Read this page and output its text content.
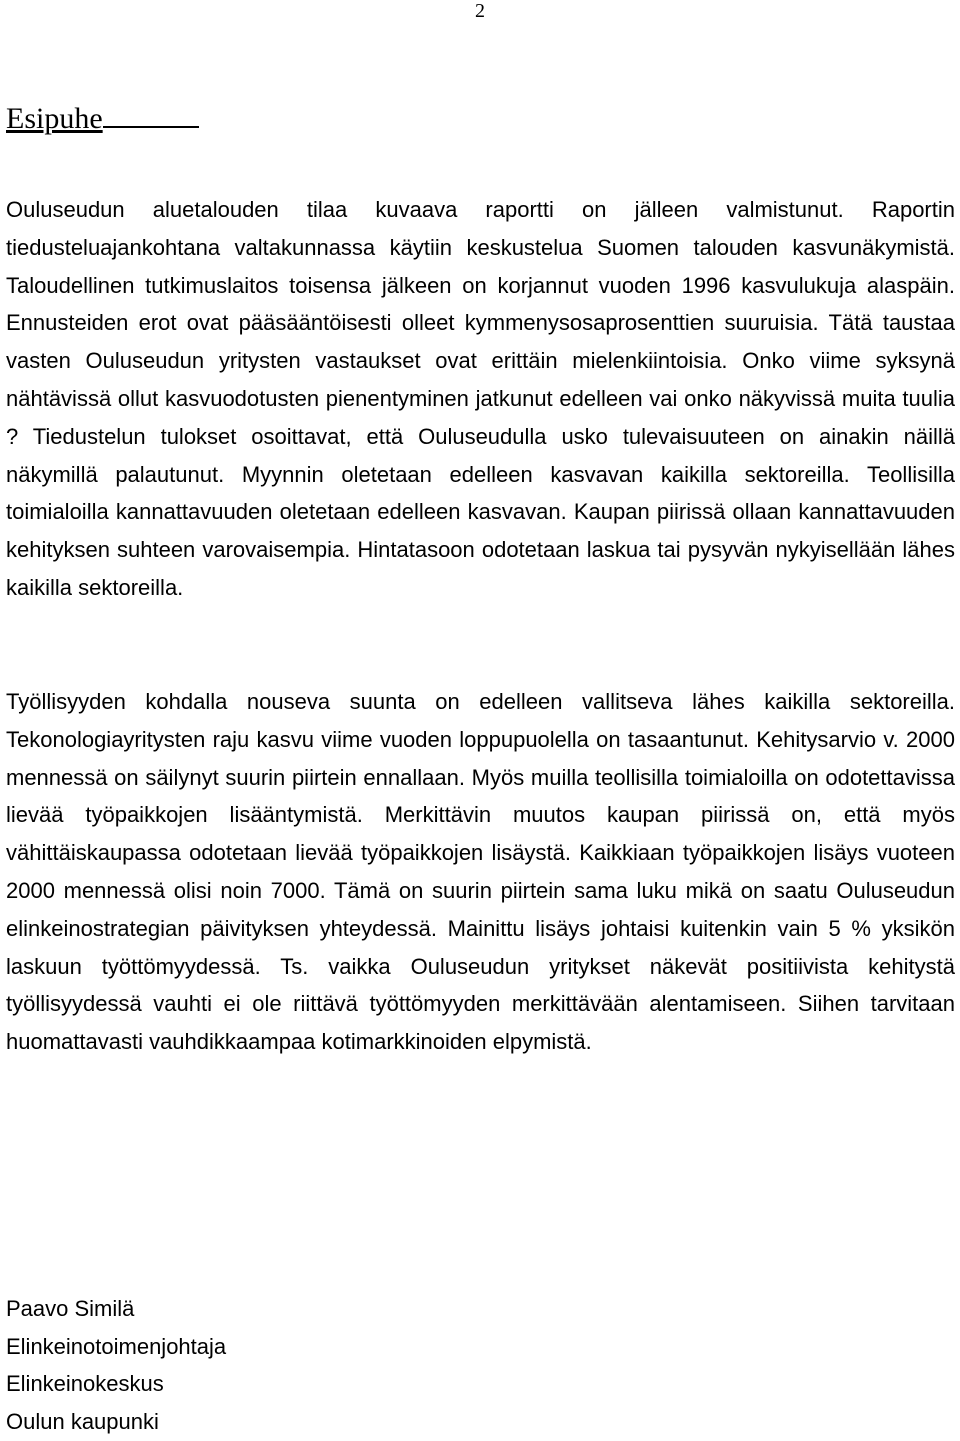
2
Esipuhe

Ouluseudun aluetalouden tilaa kuvaava raportti on jälleen valmistunut. Raportin tiedusteluajankohtana valtakunnassa käytiin keskustelua Suomen talouden kasvunäkymistä. Taloudellinen tutkimuslaitos toisensa jälkeen on korjannut vuoden 1996 kasvulukuja alaspäin. Ennusteiden erot ovat pääsääntöisesti olleet kymmenysosaprosenttien suuruisia. Tätä taustaa vasten Ouluseudun yritysten vastaukset ovat erittäin mielenkiintoisia. Onko viime syksynä nähtävissä ollut kasvuodotusten pienentyminen jatkunut edelleen vai onko näkyvissä muita tuulia ? Tiedustelun tulokset osoittavat, että Ouluseudulla usko tulevaisuuteen on ainakin näillä näkymillä palautunut. Myynnin oletetaan edelleen kasvavan kaikilla sektoreilla. Teollisilla toimialoilla kannattavuuden oletetaan edelleen kasvavan. Kaupan piirissä ollaan kannattavuuden kehityksen suhteen varovaisempia. Hintatasoon odotetaan laskua tai pysyvän nykyisellään lähes kaikilla sektoreilla.

Työllisyyden kohdalla nouseva suunta on edelleen vallitseva lähes kaikilla sektoreilla. Tekonologiayritysten raju kasvu viime vuoden loppupuolella on tasaantunut. Kehitysarvio v. 2000 mennessä on säilynyt suurin piirtein ennallaan. Myös muilla teollisilla toimialoilla on odotettavissa lievää työpaikkojen lisääntymistä. Merkittävin muutos kaupan piirissä on, että myös vähittäiskaupassa odotetaan lievää työpaikkojen lisäystä. Kaikkiaan työpaikkojen lisäys vuoteen 2000 mennessä olisi noin 7000. Tämä on suurin piirtein sama luku mikä on saatu Ouluseudun elinkeinostrategian päivityksen yhteydessä. Mainittu lisäys johtaisi kuitenkin vain 5 % yksikön laskuun työttömyydessä. Ts. vaikka Ouluseudun yritykset näkevät positiivista kehitystä työllisyydessä vauhti ei ole riittävä työttömyyden merkittävään alentamiseen. Siihen tarvitaan huomattavasti vauhdikkaampaa kotimarkkinoiden elpymistä.

Paavo Similä
Elinkeinotoimenjohtaja
Elinkeinokeskus
Oulun kaupunki
